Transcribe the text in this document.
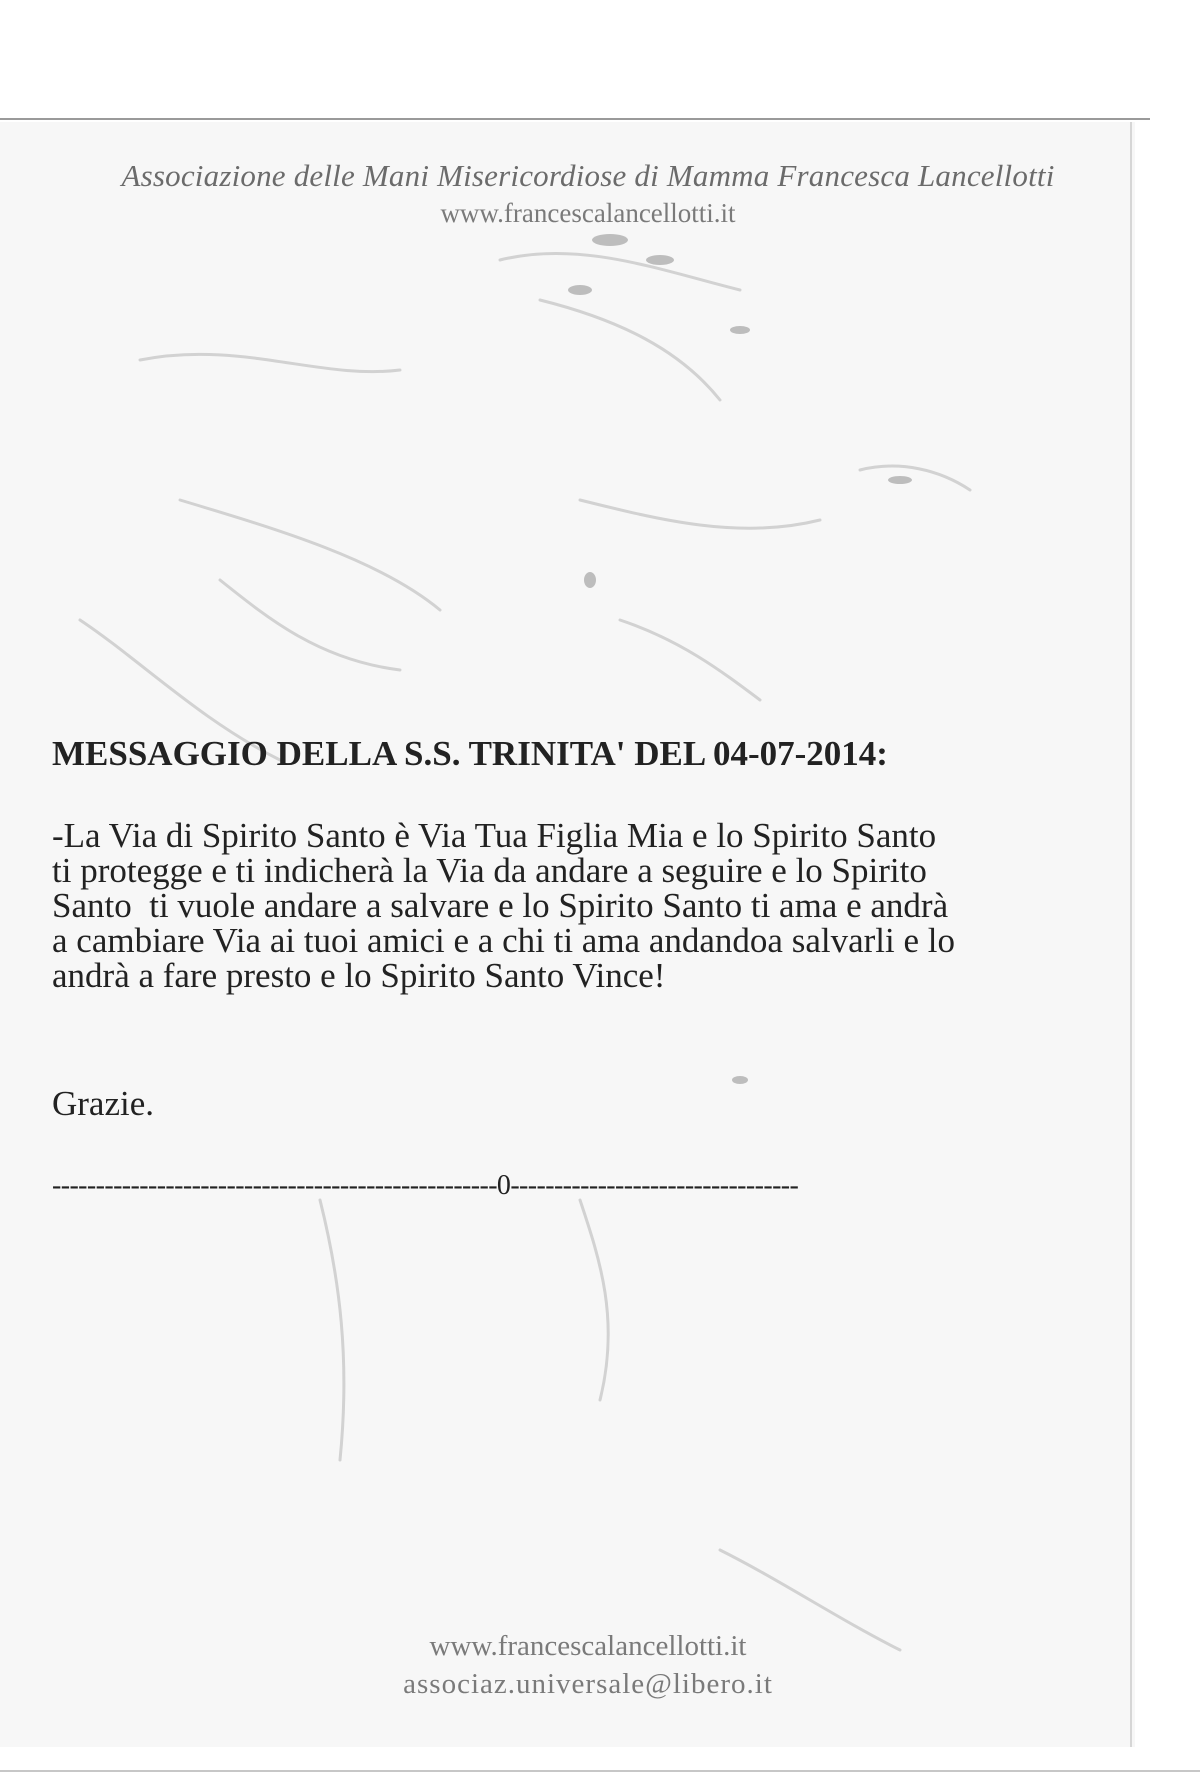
Associazione delle Mani Misericordiose di Mamma Francesca Lancellotti
www.francescalancellotti.it
MESSAGGIO DELLA S.S. TRINITA' DEL 04-07-2014:
-La Via di Spirito Santo è Via Tua Figlia Mia e lo Spirito Santo
ti protegge e ti indicherà la Via da andare a seguire e lo Spirito
Santo  ti vuole andare a salvare e lo Spirito Santo ti ama e andrà
a cambiare Via ai tuoi amici e a chi ti ama andandoa salvarli e lo
andrà a fare presto e lo Spirito Santo Vince!
Grazie.
---------------------------------------------------0---------------------------------
www.francescalancellotti.it
associaz.universale@libero.it
